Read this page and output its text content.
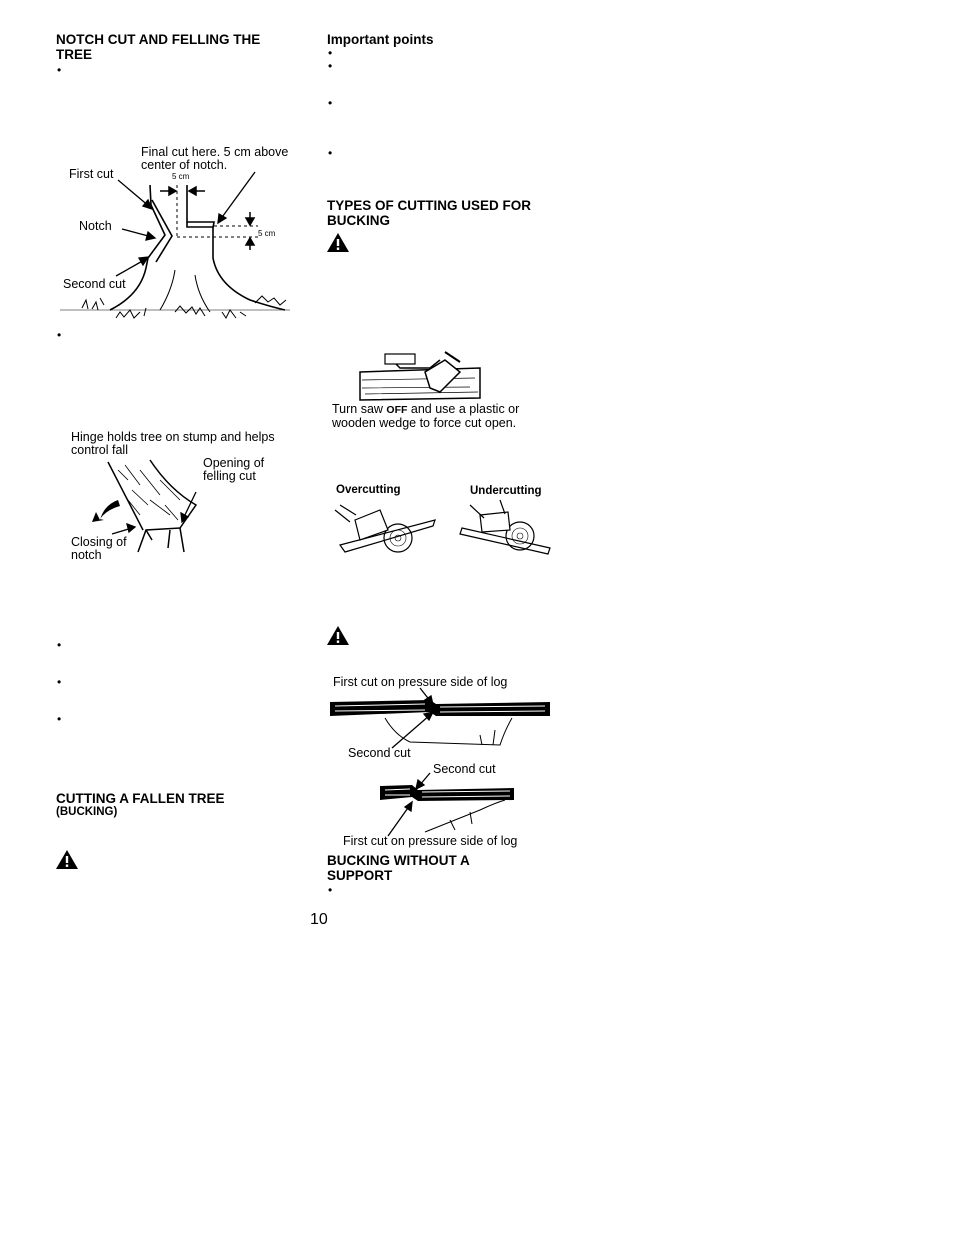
NOTCH CUT AND FELLING THE TREE
•
Final cut here. 5 cm above center of notch.
First cut	5 cm
5 cm
Notch
Second cut
•
Hinge holds tree on stump and helps control fall
Opening of felling cut
Closing of notch
•
•
•
CUTTING A FALLEN TREE
(BUCKING)
Important points
•
•
•
•
TYPES OF CUTTING USED FOR BUCKING
Turn saw OFF and use a plastic or wooden wedge to force cut open.
Overcutting	Undercutting
First cut on pressure side of log
Second cut
Second cut
First cut on pressure side of log
BUCKING WITHOUT A SUPPORT
•
10
